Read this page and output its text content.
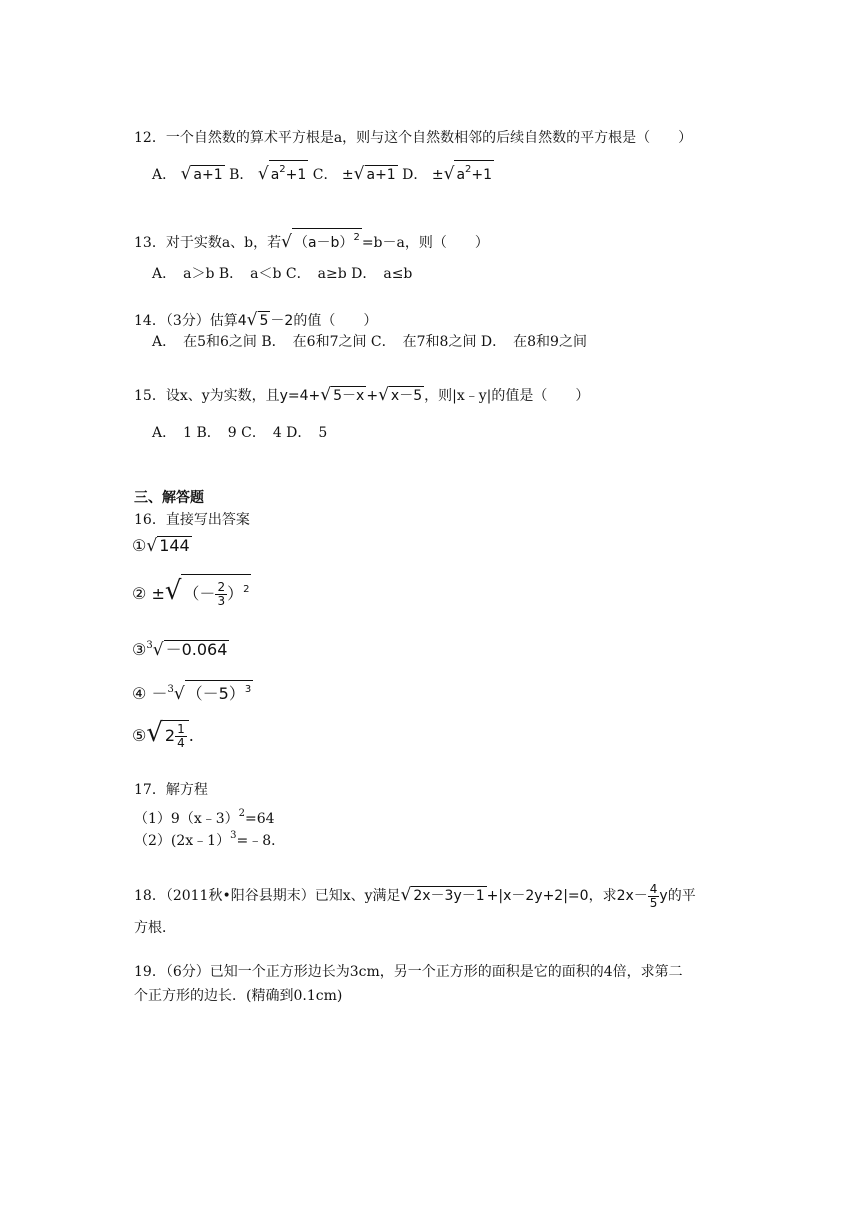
12．一个自然数的算术平方根是a，则与这个自然数相邻的后续自然数的平方根是（　　）
A． √ a+1 B． √ $a^2+1$ C． ±√ a+1 D． ±√ $a^2+1$
13．对于实数a、b，若√ $(a-b)^2 =b-a$，则（　　）
A．　a＞b B．　a＜b C．　a≥b D．　a≤b
14．（3分）估算4√ 5 －2的值（　　）
A．　在5和6之间 B．　在6和7之间 C．　在7和8之间 D．　在8和9之间
15．设x、y为实数，且y=4+√ 5－x +√ x－5 ，则|x﹣y|的值是（　　）
A．　1 B．　9 C．　4 D．　5
三、解答题
16．直接写出答案
①√ 144
② ±√ （－ $\frac{2}{3} )^2$
③$^3$√ －0.064
④ －$^3$√ $(-5)^3$
⑤√ $2 \frac{1}{4}$ .
17．解方程
（1）9（x﹣3）$^2$=64
（2）(2x﹣1）$^3$=﹣8．
18．（2011秋•阳谷县期末）已知x、y满足√ 2x－3y－1 +|x－2y+2|=0，求$2x- \frac{4}{5}$ y的平
方根．
19．（6分）已知一个正方形边长为3cm，另一个正方形的面积是它的面积的4倍，求第二
个正方形的边长．(精确到0.1cm)
